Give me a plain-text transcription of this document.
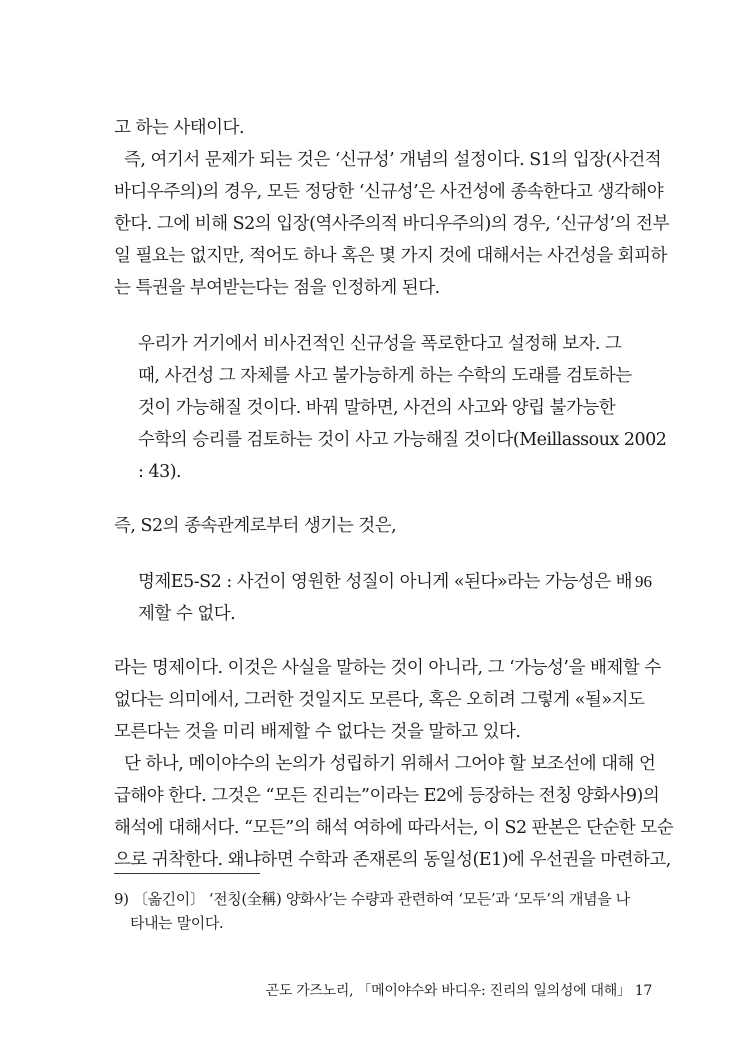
고 하는 사태이다.
즉, 여기서 문제가 되는 것은 ‘신규성’ 개념의 설정이다. S1의 입장(사건적
바디우주의)의 경우, 모든 정당한 ‘신규성’은 사건성에 종속한다고 생각해야
한다. 그에 비해 S2의 입장(역사주의적 바디우주의)의 경우, ‘신규성’의 전부
일 필요는 없지만, 적어도 하나 혹은 몇 가지 것에 대해서는 사건성을 회피하
는 특권을 부여받는다는 점을 인정하게 된다.
우리가 거기에서 비사건적인 신규성을 폭로한다고 설정해 보자. 그
때, 사건성 그 자체를 사고 불가능하게 하는 수학의 도래를 검토하는
것이 가능해질 것이다. 바꿔 말하면, 사건의 사고와 양립 불가능한
수학의 승리를 검토하는 것이 사고 가능해질 것이다(Meillassoux 2002
: 43).
즉, S2의 종속관계로부터 생기는 것은,
명제E5-S2 : 사건이 영원한 성질이 아니게 «된다»라는 가능성은 배
제할 수 없다.
96
라는 명제이다. 이것은 사실을 말하는 것이 아니라, 그 ‘가능성’을 배제할 수
없다는 의미에서, 그러한 것일지도 모른다, 혹은 오히려 그렇게 «될»지도
모른다는 것을 미리 배제할 수 없다는 것을 말하고 있다.
단 하나, 메이야수의 논의가 성립하기 위해서 그어야 할 보조선에 대해 언
급해야 한다. 그것은 “모든 진리는”이라는 E2에 등장하는 전칭 양화사9)의
해석에 대해서다. “모든”의 해석 여하에 따라서는, 이 S2 판본은 단순한 모순
으로 귀착한다. 왜냐하면 수학과 존재론의 동일성(E1)에 우선권을 마련하고,
9) 〔옮긴이〕 ‘전칭(全稱) 양화사’는 수량과 관련하여 ‘모든’과 ‘모두’의 개념을 나
타내는 말이다.
곤도 가즈노리, 「메이야수와 바디우: 진리의 일의성에 대해」 17
